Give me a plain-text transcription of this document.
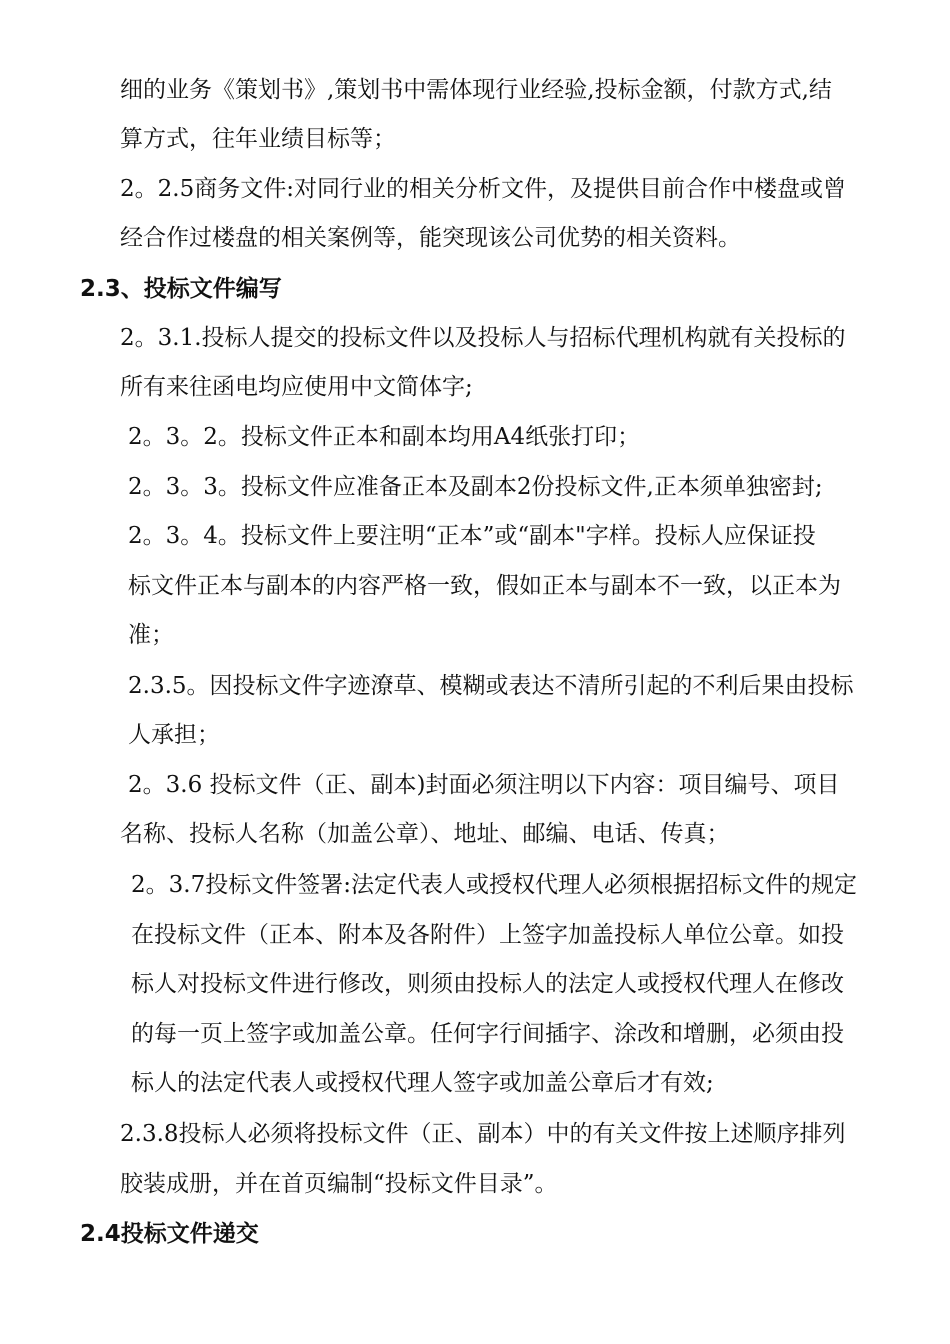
细的业务《策划书》,策划书中需体现行业经验,投标金额，付款方式,结
算方式，往年业绩目标等；
2。2.5商务文件:对同行业的相关分析文件，及提供目前合作中楼盘或曾
经合作过楼盘的相关案例等，能突现该公司优势的相关资料。
2.3、投标文件编写
2。3.1.投标人提交的投标文件以及投标人与招标代理机构就有关投标的
所有来往函电均应使用中文简体字;
2。3。2。投标文件正本和副本均用A4纸张打印；
2。3。3。投标文件应准备正本及副本2份投标文件,正本须单独密封;
2。3。4。投标文件上要注明“正本”或“副本"字样。投标人应保证投
标文件正本与副本的内容严格一致，假如正本与副本不一致，以正本为
准；
2.3.5。因投标文件字迹潦草、模糊或表达不清所引起的不利后果由投标
人承担；
2。3.6 投标文件（正、副本)封面必须注明以下内容：项目编号、项目
名称、投标人名称（加盖公章）、地址、邮编、电话、传真；
2。3.7投标文件签署:法定代表人或授权代理人必须根据招标文件的规定
在投标文件（正本、附本及各附件）上签字加盖投标人单位公章。如投
标人对投标文件进行修改，则须由投标人的法定人或授权代理人在修改
的每一页上签字或加盖公章。任何字行间插字、涂改和增删，必须由投
标人的法定代表人或授权代理人签字或加盖公章后才有效;
2.3.8投标人必须将投标文件（正、副本）中的有关文件按上述顺序排列
胶装成册，并在首页编制“投标文件目录”。
2.4投标文件递交
